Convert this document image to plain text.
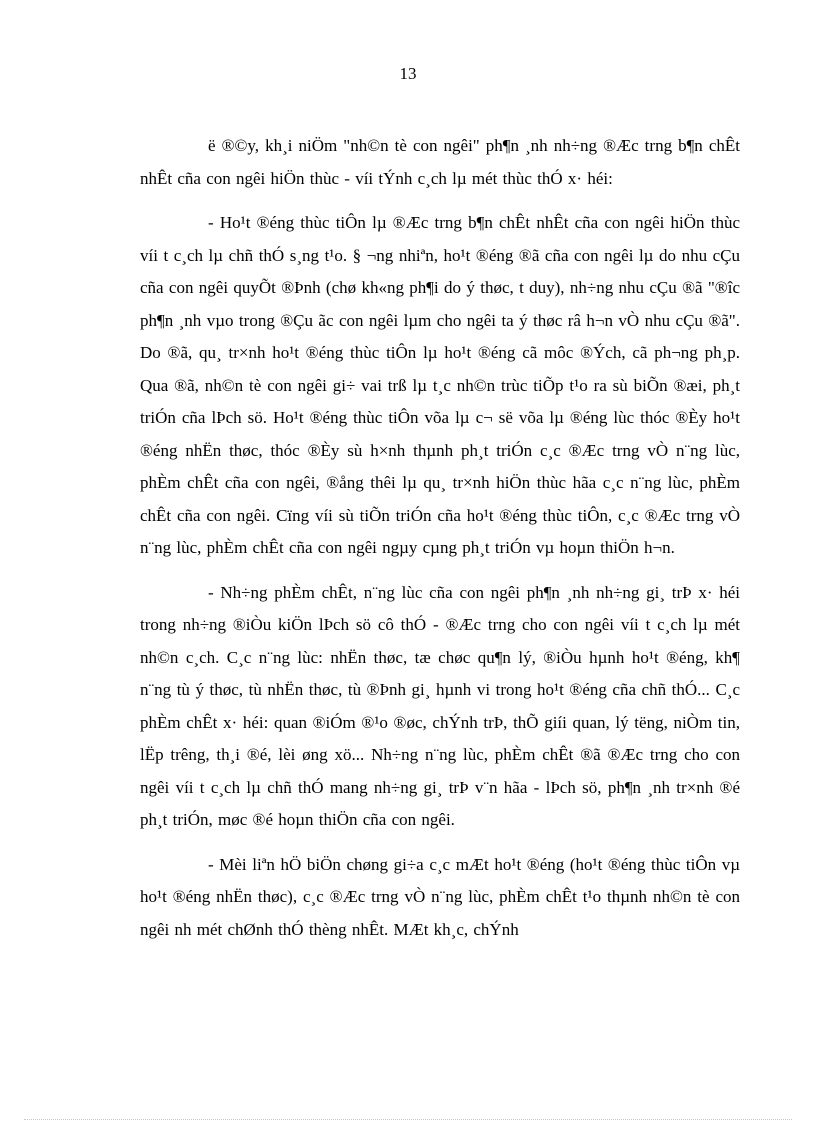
13

ë ®©y, kh¸i niÖm "nh©n tè con ngêi" ph¶n ¸nh nh÷ng ®Æc trng b¶n chÊt nhÊt cña con ngêi hiÖn thùc - víi tÝnh c¸ch lµ mét thùc thÓ x· héi:

- Ho¹t ®éng thùc tiÔn lµ ®Æc trng b¶n chÊt nhÊt cña con ngêi hiÖn thùc víi t c¸ch lµ chñ thÓ s¸ng t¹o. § ¬ng nhiªn, ho¹t ®éng ®ã cña con ngêi lµ do nhu cÇu cña con ngêi quyÕt ®Þnh (chø kh«ng ph¶i do ý thøc, t duy), nh÷ng nhu cÇu ®ã "®îc ph¶n ¸nh vµo trong ®Çu ãc con ngêi lµm cho ngêi ta ý thøc râ h¬n vÒ nhu cÇu ®ã". Do ®ã, qu¸ tr×nh ho¹t ®éng thùc tiÔn lµ ho¹t ®éng cã môc ®Ých, cã ph¬ng ph¸p. Qua ®ã, nh©n tè con ngêi gi÷ vai trß lµ t¸c nh©n trùc tiÕp t¹o ra sù biÕn ®æi, ph¸t triÓn cña lÞch sö. Ho¹t ®éng thùc tiÔn võa lµ c¬ së võa lµ ®éng lùc thóc ®Èy ho¹t ®éng nhËn thøc, thóc ®Èy sù h×nh thµnh ph¸t triÓn c¸c ®Æc trng vÒ n¨ng lùc, phÈm chÊt cña con ngêi, ®ång thêi lµ qu¸ tr×nh hiÖn thùc hãa c¸c n¨ng lùc, phÈm chÊt cña con ngêi. Cïng víi sù tiÕn triÓn cña ho¹t ®éng thùc tiÔn, c¸c ®Æc trng vÒ n¨ng lùc, phÈm chÊt cña con ngêi ngµy cµng ph¸t triÓn vµ hoµn thiÖn h¬n.

- Nh÷ng phÈm chÊt, n¨ng lùc cña con ngêi ph¶n ¸nh nh÷ng gi¸ trÞ x· héi trong nh÷ng ®iÒu kiÖn lÞch sö cô thÓ - ®Æc trng cho con ngêi víi t c¸ch lµ mét nh©n c¸ch. C¸c n¨ng lùc: nhËn thøc, tæ chøc qu¶n lý, ®iÒu hµnh ho¹t ®éng, kh¶ n¨ng tù ý thøc, tù nhËn thøc, tù ®Þnh gi¸ hµnh vi trong ho¹t ®éng cña chñ thÓ... C¸c phÈm chÊt x· héi: quan ®iÓm ®¹o ®øc, chÝnh trÞ, thÕ giíi quan, lý tëng, niÒm tin, lËp trêng, th¸i ®é, lèi øng xö... Nh÷ng n¨ng lùc, phÈm chÊt ®ã ®Æc trng cho con ngêi víi t c¸ch lµ chñ thÓ mang nh÷ng gi¸ trÞ v¨n hãa - lÞch sö, ph¶n ¸nh tr×nh ®é ph¸t triÓn, møc ®é hoµn thiÖn cña con ngêi.

- Mèi liªn hÖ biÖn chøng gi÷a c¸c mÆt ho¹t ®éng (ho¹t ®éng thùc tiÔn vµ ho¹t ®éng nhËn thøc), c¸c ®Æc trng vÒ n¨ng lùc, phÈm chÊt t¹o thµnh nh©n tè con ngêi nh mét chØnh thÓ thèng nhÊt. MÆt kh¸c, chÝnh
